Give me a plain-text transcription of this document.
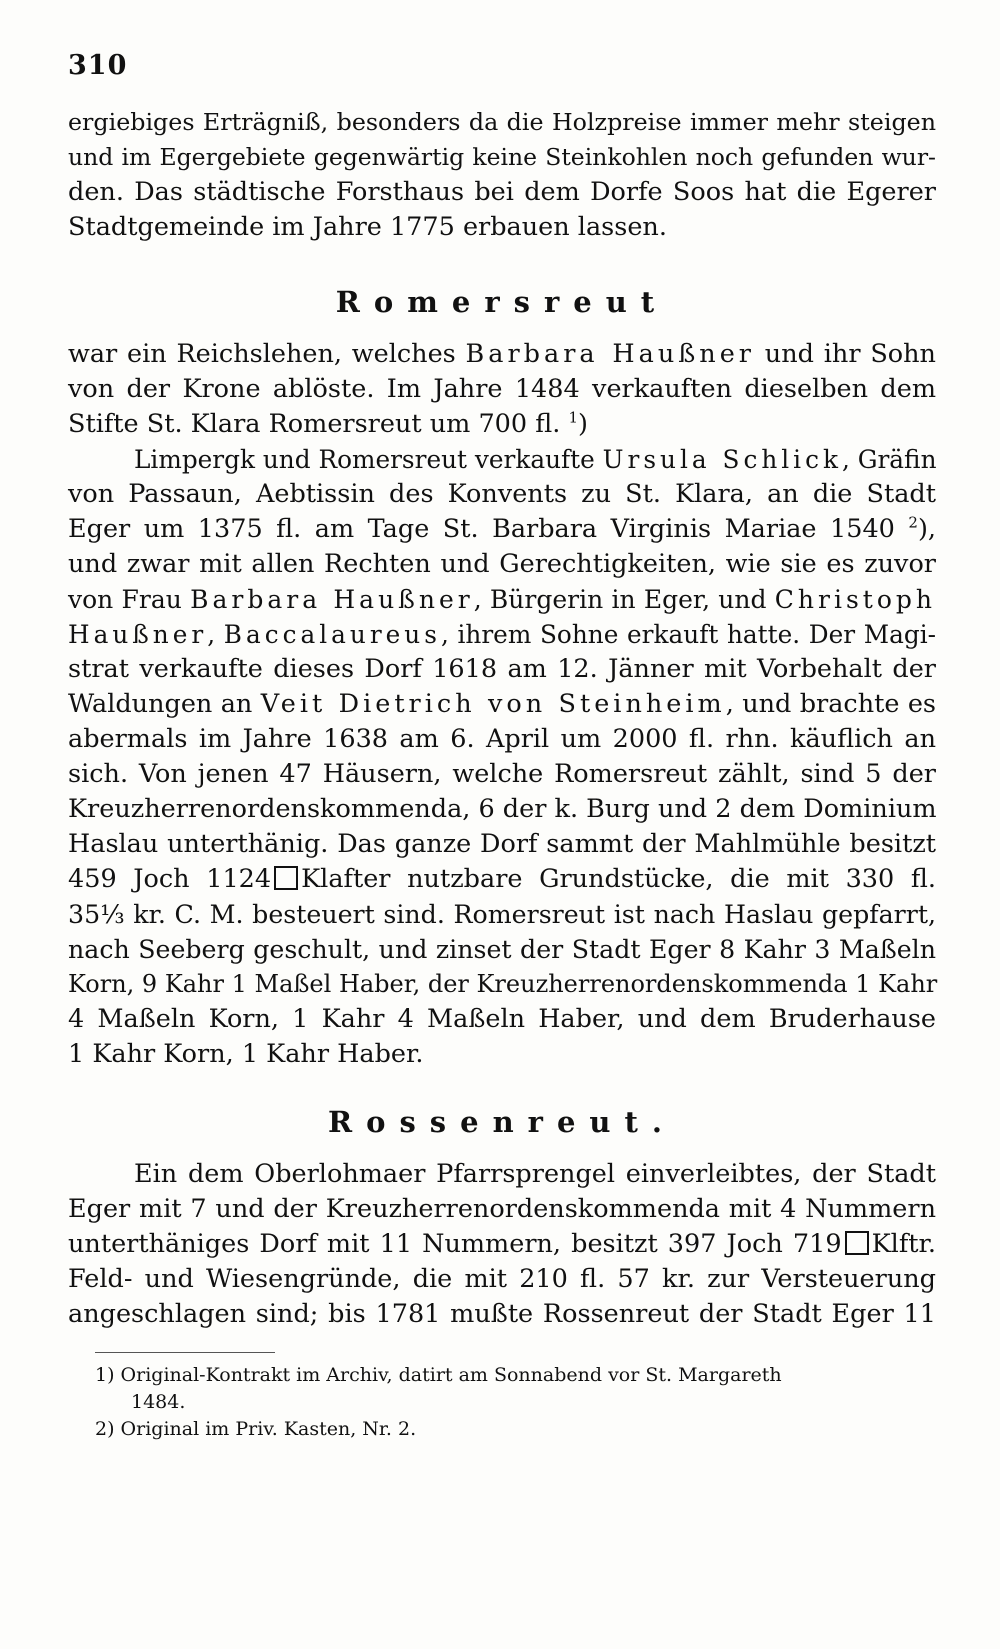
310
ergiebiges Erträgniß, besonders da die Holzpreise immer mehr steigen
und im Egergebiete gegenwärtig keine Steinkohlen noch gefunden wur-
den. Das städtische Forsthaus bei dem Dorfe Soos hat die Egerer
Stadtgemeinde im Jahre 1775 erbauen lassen.
Romersreut
war ein Reichslehen, welches Barbara Haußner und ihr Sohn
von der Krone ablöste. Im Jahre 1484 verkauften dieselben dem
Stifte St. Klara Romersreut um 700 fl. $^1$)
Limpergk und Romersreut verkaufte Ursula Schlick, Gräfin
von Passaun, Aebtissin des Konvents zu St. Klara, an die Stadt
Eger um 1375 fl. am Tage St. Barbara Virginis Mariae 1540 $^2$),
und zwar mit allen Rechten und Gerechtigkeiten, wie sie es zuvor
von Frau Barbara Haußner, Bürgerin in Eger, und Christoph
Haußner, Baccalaureus, ihrem Sohne erkauft hatte. Der Magi-
strat verkaufte dieses Dorf 1618 am 12. Jänner mit Vorbehalt der
Waldungen an Veit Dietrich von Steinheim, und brachte es
abermals im Jahre 1638 am 6. April um 2000 fl. rhn. käuflich an
sich. Von jenen 47 Häusern, welche Romersreut zählt, sind 5 der
Kreuzherrenordenskommenda, 6 der k. Burg und 2 dem Dominium
Haslau unterthänig. Das ganze Dorf sammt der Mahlmühle besitzt
459 Joch 1124 Klafter nutzbare Grundstücke, die mit 330 fl.
35⅓ kr. C. M. besteuert sind. Romersreut ist nach Haslau gepfarrt,
nach Seeberg geschult, und zinset der Stadt Eger 8 Kahr 3 Maßeln
Korn, 9 Kahr 1 Maßel Haber, der Kreuzherrenordenskommenda 1 Kahr
4 Maßeln Korn, 1 Kahr 4 Maßeln Haber, und dem Bruderhause
1 Kahr Korn, 1 Kahr Haber.
Rossenreut.
Ein dem Oberlohmaer Pfarrsprengel einverleibtes, der Stadt
Eger mit 7 und der Kreuzherrenordenskommenda mit 4 Nummern
unterthäniges Dorf mit 11 Nummern, besitzt 397 Joch 719 Klftr.
Feld- und Wiesengründe, die mit 210 fl. 57 kr. zur Versteuerung
angeschlagen sind; bis 1781 mußte Rossenreut der Stadt Eger 11
1) Original-Kontrakt im Archiv, datirt am Sonnabend vor St. Margareth
1484.
2) Original im Priv. Kasten, Nr. 2.
